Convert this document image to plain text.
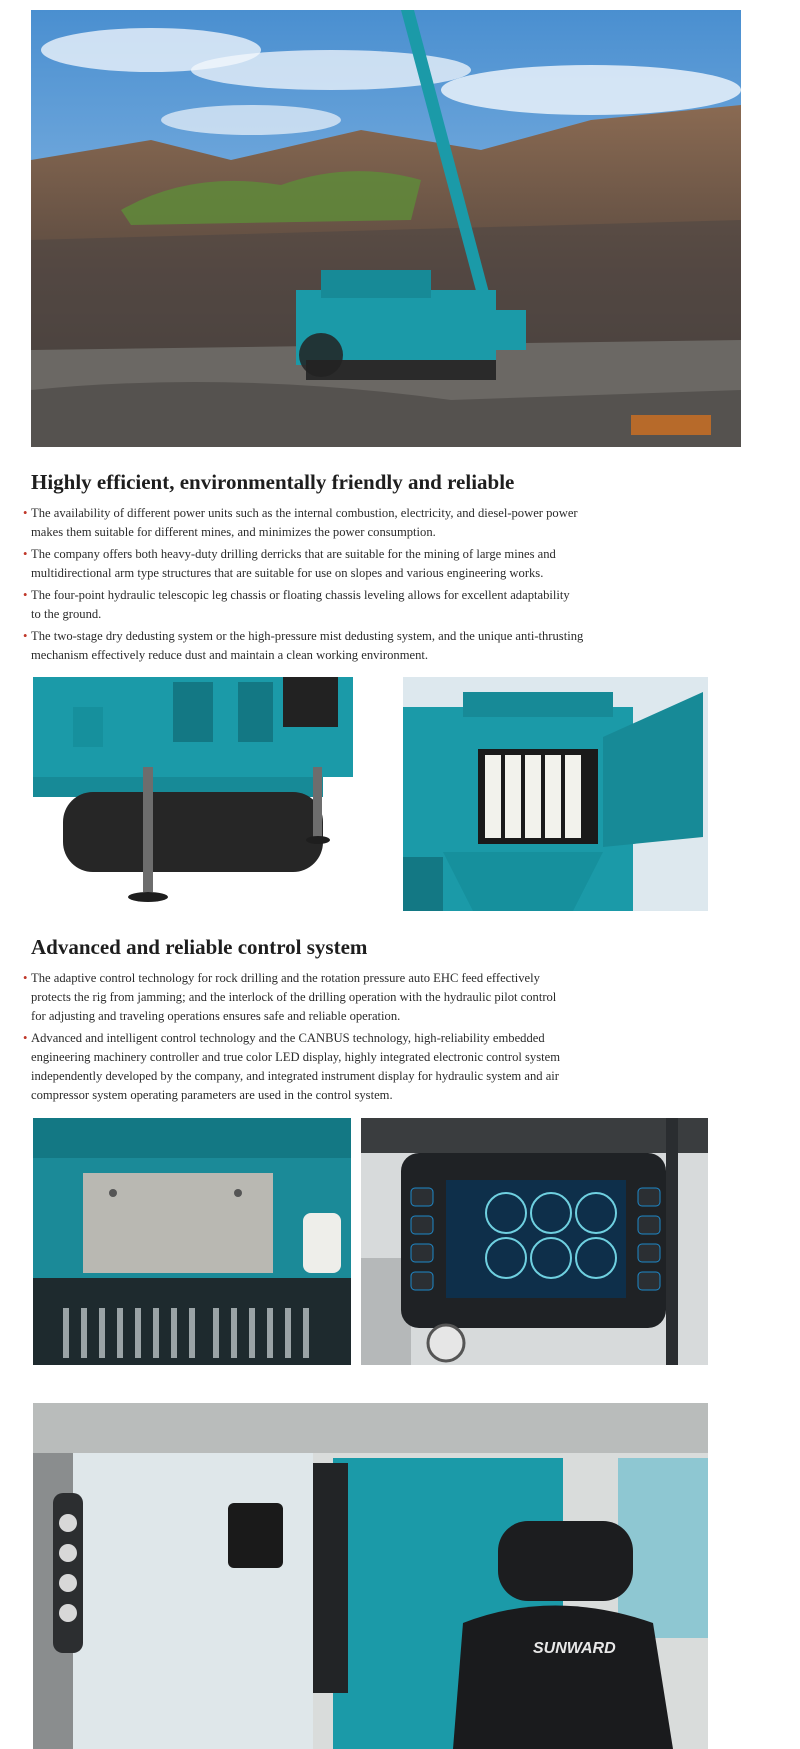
Highly efficient, environmentally friendly and reliable
• The availability of different power units such as the internal combustion, electricity, and diesel-power power
makes them suitable for different mines, and minimizes the power consumption.
• The company offers both heavy-duty drilling derricks that are suitable for the mining of large mines and
multidirectional arm type structures that are suitable for use on slopes and various engineering works.
• The four-point hydraulic telescopic leg chassis or floating chassis leveling allows for excellent adaptability
to the ground.
• The two-stage dry dedusting system or the high-pressure mist dedusting system, and the unique anti-thrusting
mechanism effectively reduce dust and maintain a clean working environment.
Advanced and reliable control system
• The adaptive control technology for rock drilling and the rotation pressure auto EHC feed effectively
protects the rig from jamming; and the interlock of the drilling operation with the hydraulic pilot control
for adjusting and traveling operations ensures safe and reliable operation.
• Advanced and intelligent control technology and the CANBUS technology, high-reliability embedded
engineering machinery controller and true color LED display, highly integrated electronic control system
independently developed by the company, and integrated instrument display for hydraulic system and air
compressor system operating parameters are used in the control system.
SUNWARD
